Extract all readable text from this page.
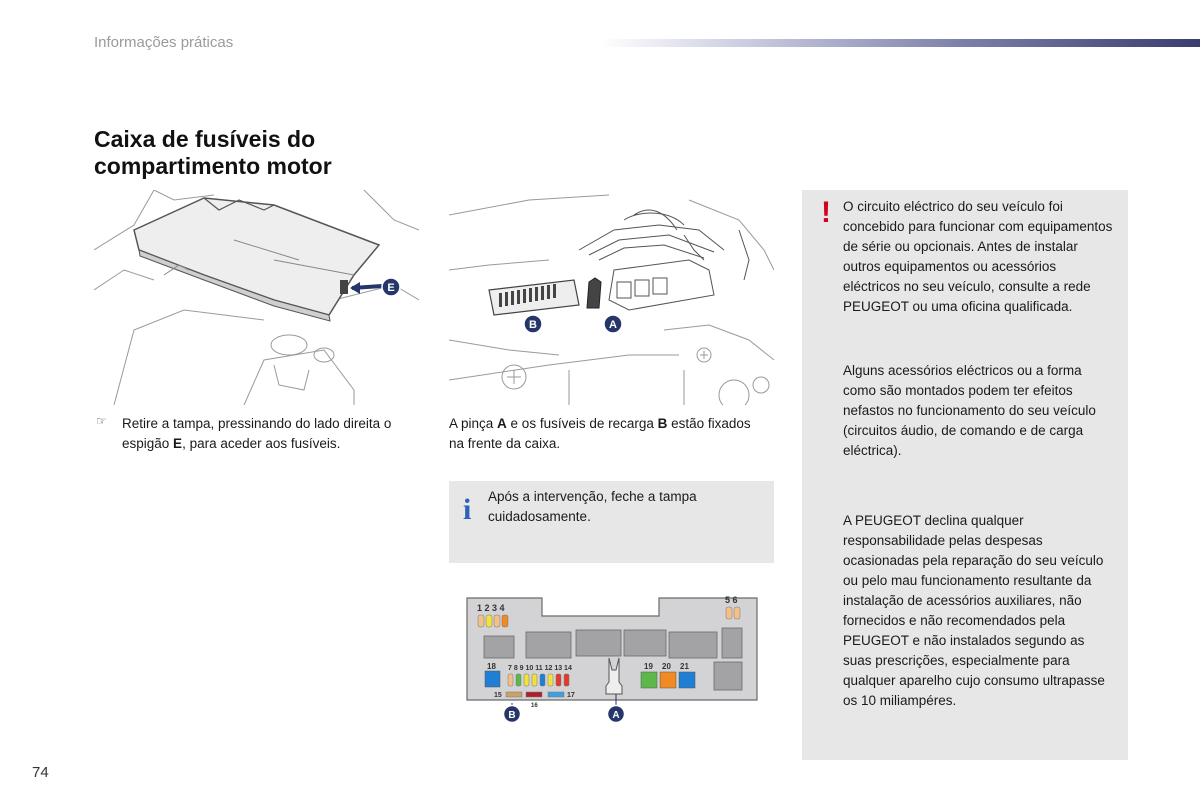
Informações práticas
Caixa de fusíveis do
compartimento motor
E
B	A
☞ Retire a tampa, pressinando do lado direita o espigão E, para aceder aos fusíveis.
A pinça A e os fusíveis de recarga B estão fixados na frente da caixa.
i Após a intervenção, feche a tampa cuidadosamente.
1 2 3 4
5 6
18 7 8 9 10 11 12 13 14
15	17
16
19 20 21
B	A
! O circuito eléctrico do seu veículo foi concebido para funcionar com equipamentos de série ou opcionais. Antes de instalar outros equipamentos ou acessórios eléctricos no seu veículo, consulte a rede PEUGEOT ou uma oficina qualificada.
Alguns acessórios eléctricos ou a forma como são montados podem ter efeitos nefastos no funcionamento do seu veículo (circuitos áudio, de comando e de carga eléctrica).
A PEUGEOT declina qualquer responsabilidade pelas despesas ocasionadas pela reparação do seu veículo ou pelo mau funcionamento resultante da instalação de acessórios auxiliares, não fornecidos e não recomendados pela PEUGEOT e não instalados segundo as suas prescrições, especialmente para qualquer aparelho cujo consumo ultrapasse os 10 miliampéres.
74
